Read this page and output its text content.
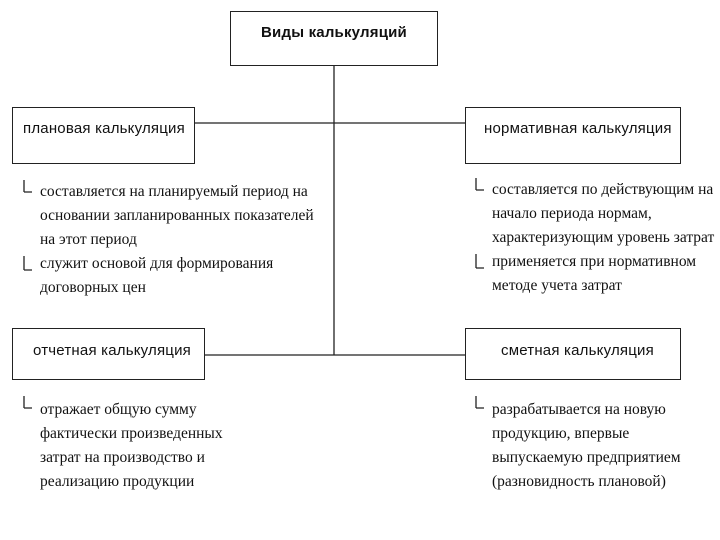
Виды калькуляций
плановая калькуляция	нормативная калькуляция
отчетная калькуляция	сметная калькуляция
составляется на планируемый период на
основании запланированных показателей
на этот период
служит основой для формирования
договорных цен
составляется по действующим на
начало периода нормам,
характеризующим уровень затрат
применяется при нормативном
методе учета затрат
отражает общую сумму
фактически произведенных
затрат на производство и
реализацию продукции
разрабатывается на новую
продукцию, впервые
выпускаемую предприятием
(разновидность плановой)
